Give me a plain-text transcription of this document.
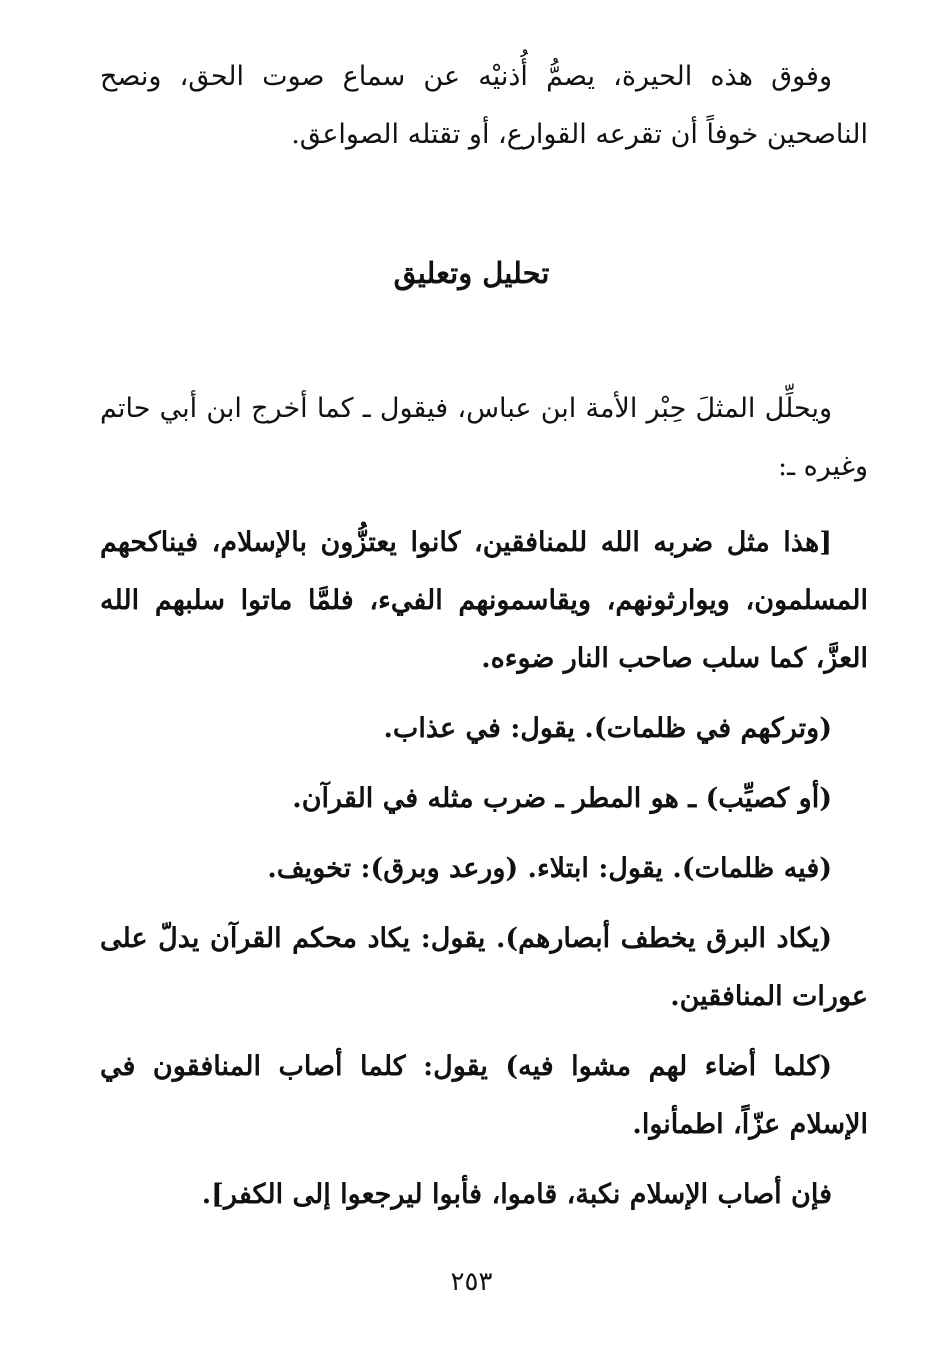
وفوق هذه الحيرة، يصمُّ أُذنيْه عن سماع صوت الحق، ونصح الناصحين خوفاً أن تقرعه القوارع، أو تقتله الصواعق.

تحليل وتعليق

ويحلِّل المثلَ حِبْر الأمة ابن عباس، فيقول ـ كما أخرج ابن أبي حاتم وغيره ـ:

[هذا مثل ضربه الله للمنافقين، كانوا يعتزُّون بالإسلام، فيناكحهم المسلمون، ويوارثونهم، ويقاسمونهم الفيء، فلمَّا ماتوا سلبهم الله العزَّ، كما سلب صاحب النار ضوءه.

(وتركهم في ظلمات). يقول: في عذاب.

(أو كصيِّب) ـ هو المطر ـ ضرب مثله في القرآن.

(فيه ظلمات). يقول: ابتلاء. (ورعد وبرق): تخويف.

(يكاد البرق يخطف أبصارهم). يقول: يكاد محكم القرآن يدلّ على عورات المنافقين.

(كلما أضاء لهم مشوا فيه) يقول: كلما أصاب المنافقون في الإسلام عزّاً، اطمأنوا.

فإن أصاب الإسلام نكبة، قاموا، فأبوا ليرجعوا إلى الكفر].

٢٥٣
